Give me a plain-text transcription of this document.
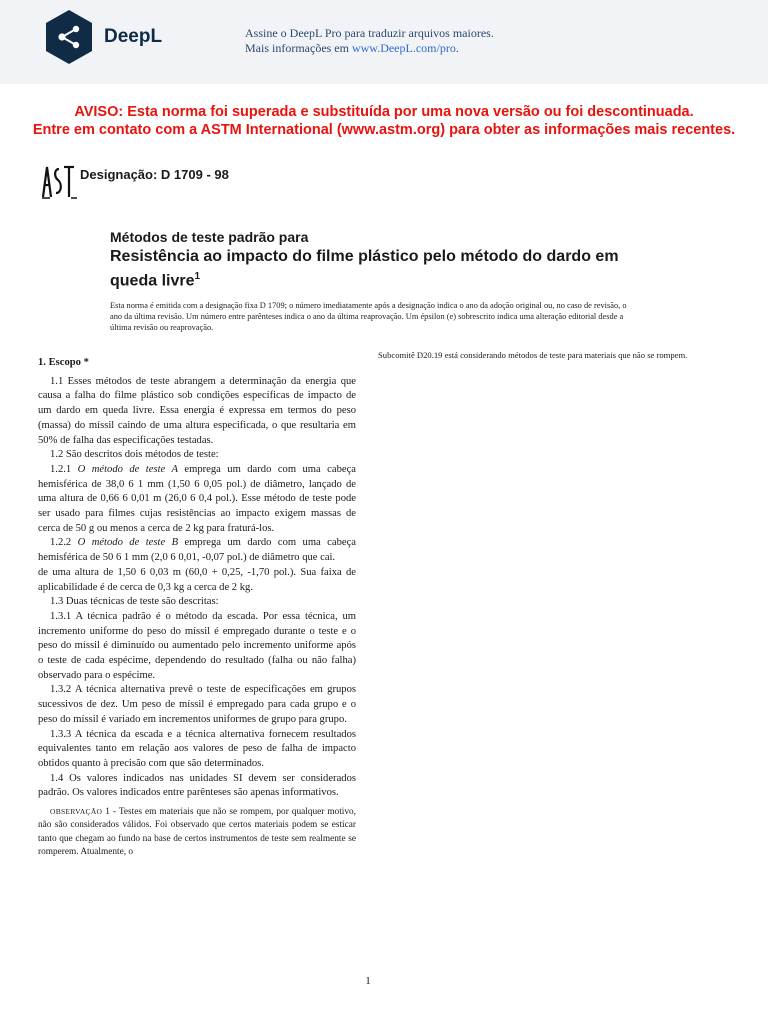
DeepL	Assine o DeepL Pro para traduzir arquivos maiores.
Mais informações em www.DeepL.com/pro.
AVISO: Esta norma foi superada e substituída por uma nova versão ou foi descontinuada.
Entre em contato com a ASTM International (www.astm.org) para obter as informações mais recentes.
Designação: D 1709 - 98
Métodos de teste padrão para
Resistência ao impacto do filme plástico pelo método do dardo em queda livre$^1$
Esta norma é emitida com a designação fixa D 1709; o número imediatamente após a designação indica o ano da adoção original ou, no caso de revisão, o ano da última revisão. Um número entre parênteses indica o ano da última reaprovação. Um épsilon (e) sobrescrito indica uma alteração editorial desde a última revisão ou reaprovação.
1. Escopo *

1.1 Esses métodos de teste abrangem a determinação da energia que causa a falha do filme plástico sob condições específicas de impacto de um dardo em queda livre. Essa energia é expressa em termos do peso (massa) do míssil caindo de uma altura especificada, o que resultaria em 50% de falha das especificações testadas.

1.2 São descritos dois métodos de teste:

1.2.1 O método de teste A emprega um dardo com uma cabeça hemisférica de 38,0 6 1 mm (1,50 6 0,05 pol.) de diâmetro, lançado de uma altura de 0,66 6 0,01 m (26,0 6 0,4 pol.). Esse método de teste pode ser usado para filmes cujas resistências ao impacto exigem massas de cerca de 50 g ou menos a cerca de 2 kg para fraturá-los.

1.2.2 O método de teste B emprega um dardo com uma cabeça hemisférica de 50 6 1 mm (2,0 6 0,01, -0,07 pol.) de diâmetro que cai.

de uma altura de 1,50 6 0,03 m (60,0 + 0,25, -1,70 pol.). Sua faixa de aplicabilidade é de cerca de 0,3 kg a cerca de 2 kg.

1.3 Duas técnicas de teste são descritas:

1.3.1 A técnica padrão é o método da escada. Por essa técnica, um incremento uniforme do peso do míssil é empregado durante o teste e o peso do míssil é diminuído ou aumentado pelo incremento uniforme após o teste de cada espécime, dependendo do resultado (falha ou não falha) observado para o espécime.

1.3.2 A técnica alternativa prevê o teste de especificações em grupos sucessivos de dez. Um peso de míssil é empregado para cada grupo e o peso do míssil é variado em incrementos uniformes de grupo para grupo.

1.3.3 A técnica da escada e a técnica alternativa fornecem resultados equivalentes tanto em relação aos valores de peso de falha de impacto obtidos quanto à precisão com que são determinados.

1.4 Os valores indicados nas unidades SI devem ser considerados padrão. Os valores indicados entre parênteses são apenas informativos.

OBSERVAÇÃO 1 - Testes em materiais que não se rompem, por qualquer motivo, não são considerados válidos. Foi observado que certos materiais podem se esticar tanto que chegam ao fundo na base de certos instrumentos de teste sem realmente se romperem. Atualmente, o

Subcomitê D20.19 está considerando métodos de teste para materiais que não se rompem.
1
